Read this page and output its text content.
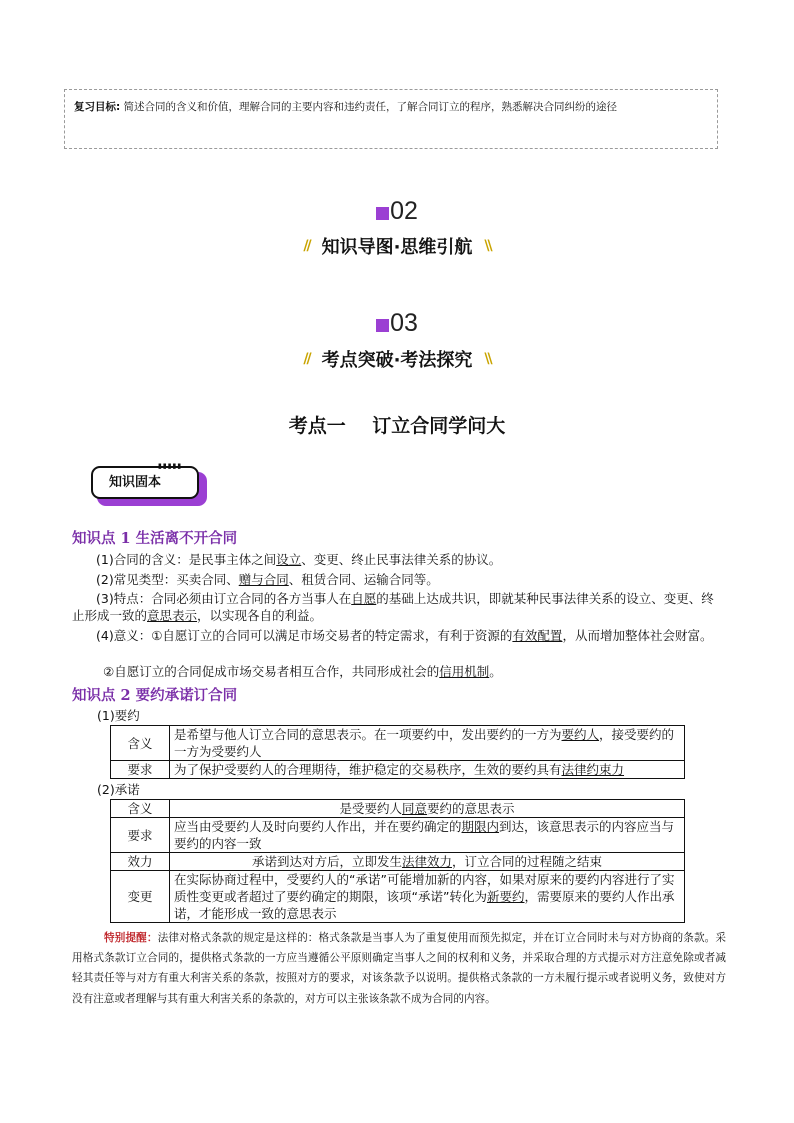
复习目标: 简述合同的含义和价值，理解合同的主要内容和违约责任，了解合同订立的程序，熟悉解决合同纠纷的途径
02
// 知识导图·思维引航 \\
03
// 考点突破·考法探究 \\
考点一    订立合同学问大
知识固本
▮▮▮▮▮
知识点 1 生活离不开合同
(1)合同的含义：是民事主体之间设立、变更、终止民事法律关系的协议。
(2)常见类型：买卖合同、赠与合同、租赁合同、运输合同等。
(3)特点：合同必须由订立合同的各方当事人在自愿的基础上达成共识，即就某种民事法律关系的设立、变更、终止形成一致的意思表示，以实现各自的利益。
(4)意义：①自愿订立的合同可以满足市场交易者的特定需求，有利于资源的有效配置，从而增加整体社会财富。
②自愿订立的合同促成市场交易者相互合作，共同形成社会的信用机制。
知识点 2 要约承诺订合同
(1)要约
含义	是希望与他人订立合同的意思表示。在一项要约中，发出要约的一方为要约人，接受要约的一方为受要约人
要求	为了保护受要约人的合理期待，维护稳定的交易秩序，生效的要约具有法律约束力
(2)承诺
含义	是受要约人同意要约的意思表示
要求	应当由受要约人及时向要约人作出，并在要约确定的期限内到达，该意思表示的内容应当与要约的内容一致
效力	承诺到达对方后，立即发生法律效力，订立合同的过程随之结束
变更	在实际协商过程中，受要约人的“承诺”可能增加新的内容，如果对原来的要约内容进行了实质性变更或者超过了要约确定的期限，该项“承诺”转化为新要约，需要原来的要约人作出承诺，才能形成一致的意思表示
特别提醒：法律对格式条款的规定是这样的：格式条款是当事人为了重复使用而预先拟定，并在订立合同时未与对方协商的条款。采用格式条款订立合同的，提供格式条款的一方应当遵循公平原则确定当事人之间的权利和义务，并采取合理的方式提示对方注意免除或者减轻其责任等与对方有重大利害关系的条款，按照对方的要求，对该条款予以说明。提供格式条款的一方未履行提示或者说明义务，致使对方没有注意或者理解与其有重大利害关系的条款的，对方可以主张该条款不成为合同的内容。
